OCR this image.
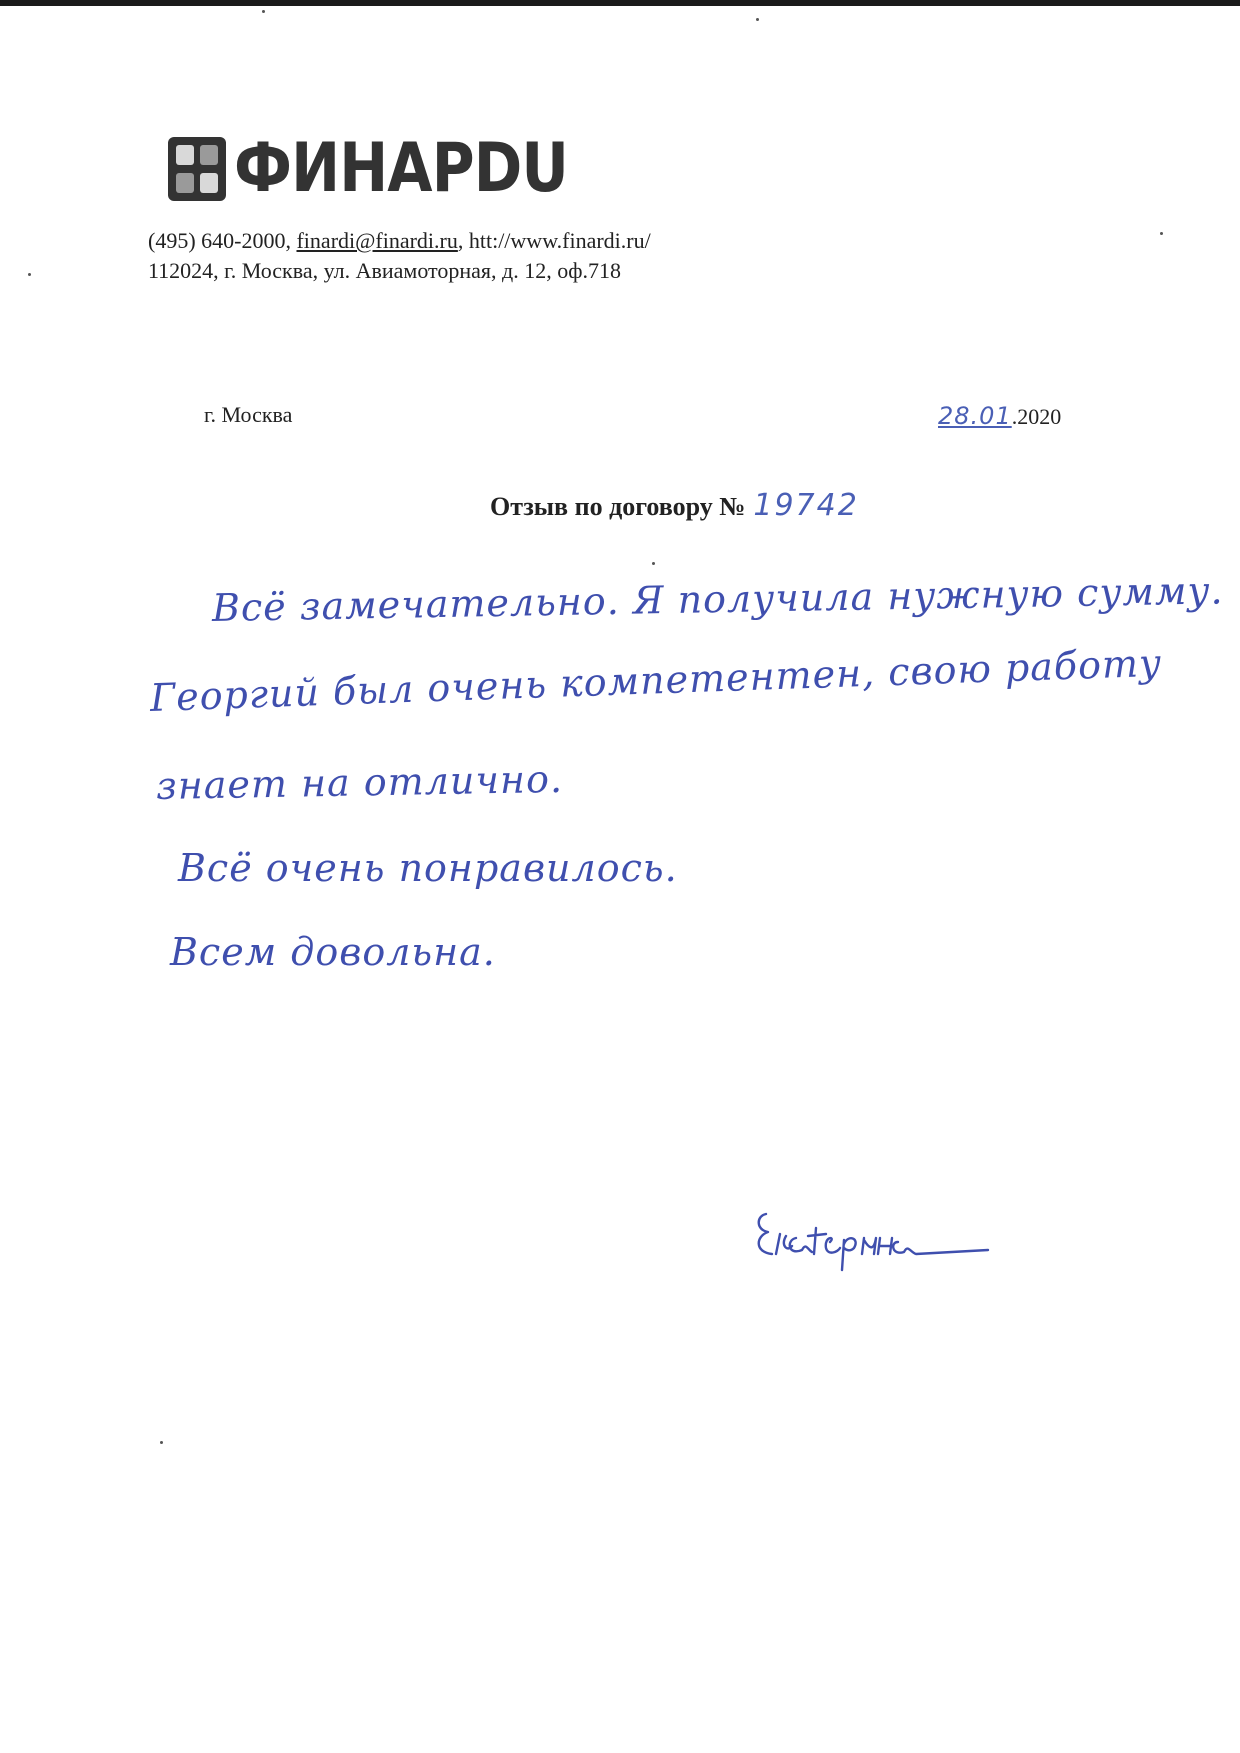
ФИНАРDU
(495) 640-2000, finardi@finardi.ru, htt://www.finardi.ru/
112024, г. Москва, ул. Авиамоторная, д. 12, оф.718
г. Москва	28.01.2020
Отзыв по договору № 19742
Всё замечательно. Я получила нужную сумму.
Георгий был очень компетентен, свою работу
знает на отлично.
Всё очень понравилось.
Всем довольна.
